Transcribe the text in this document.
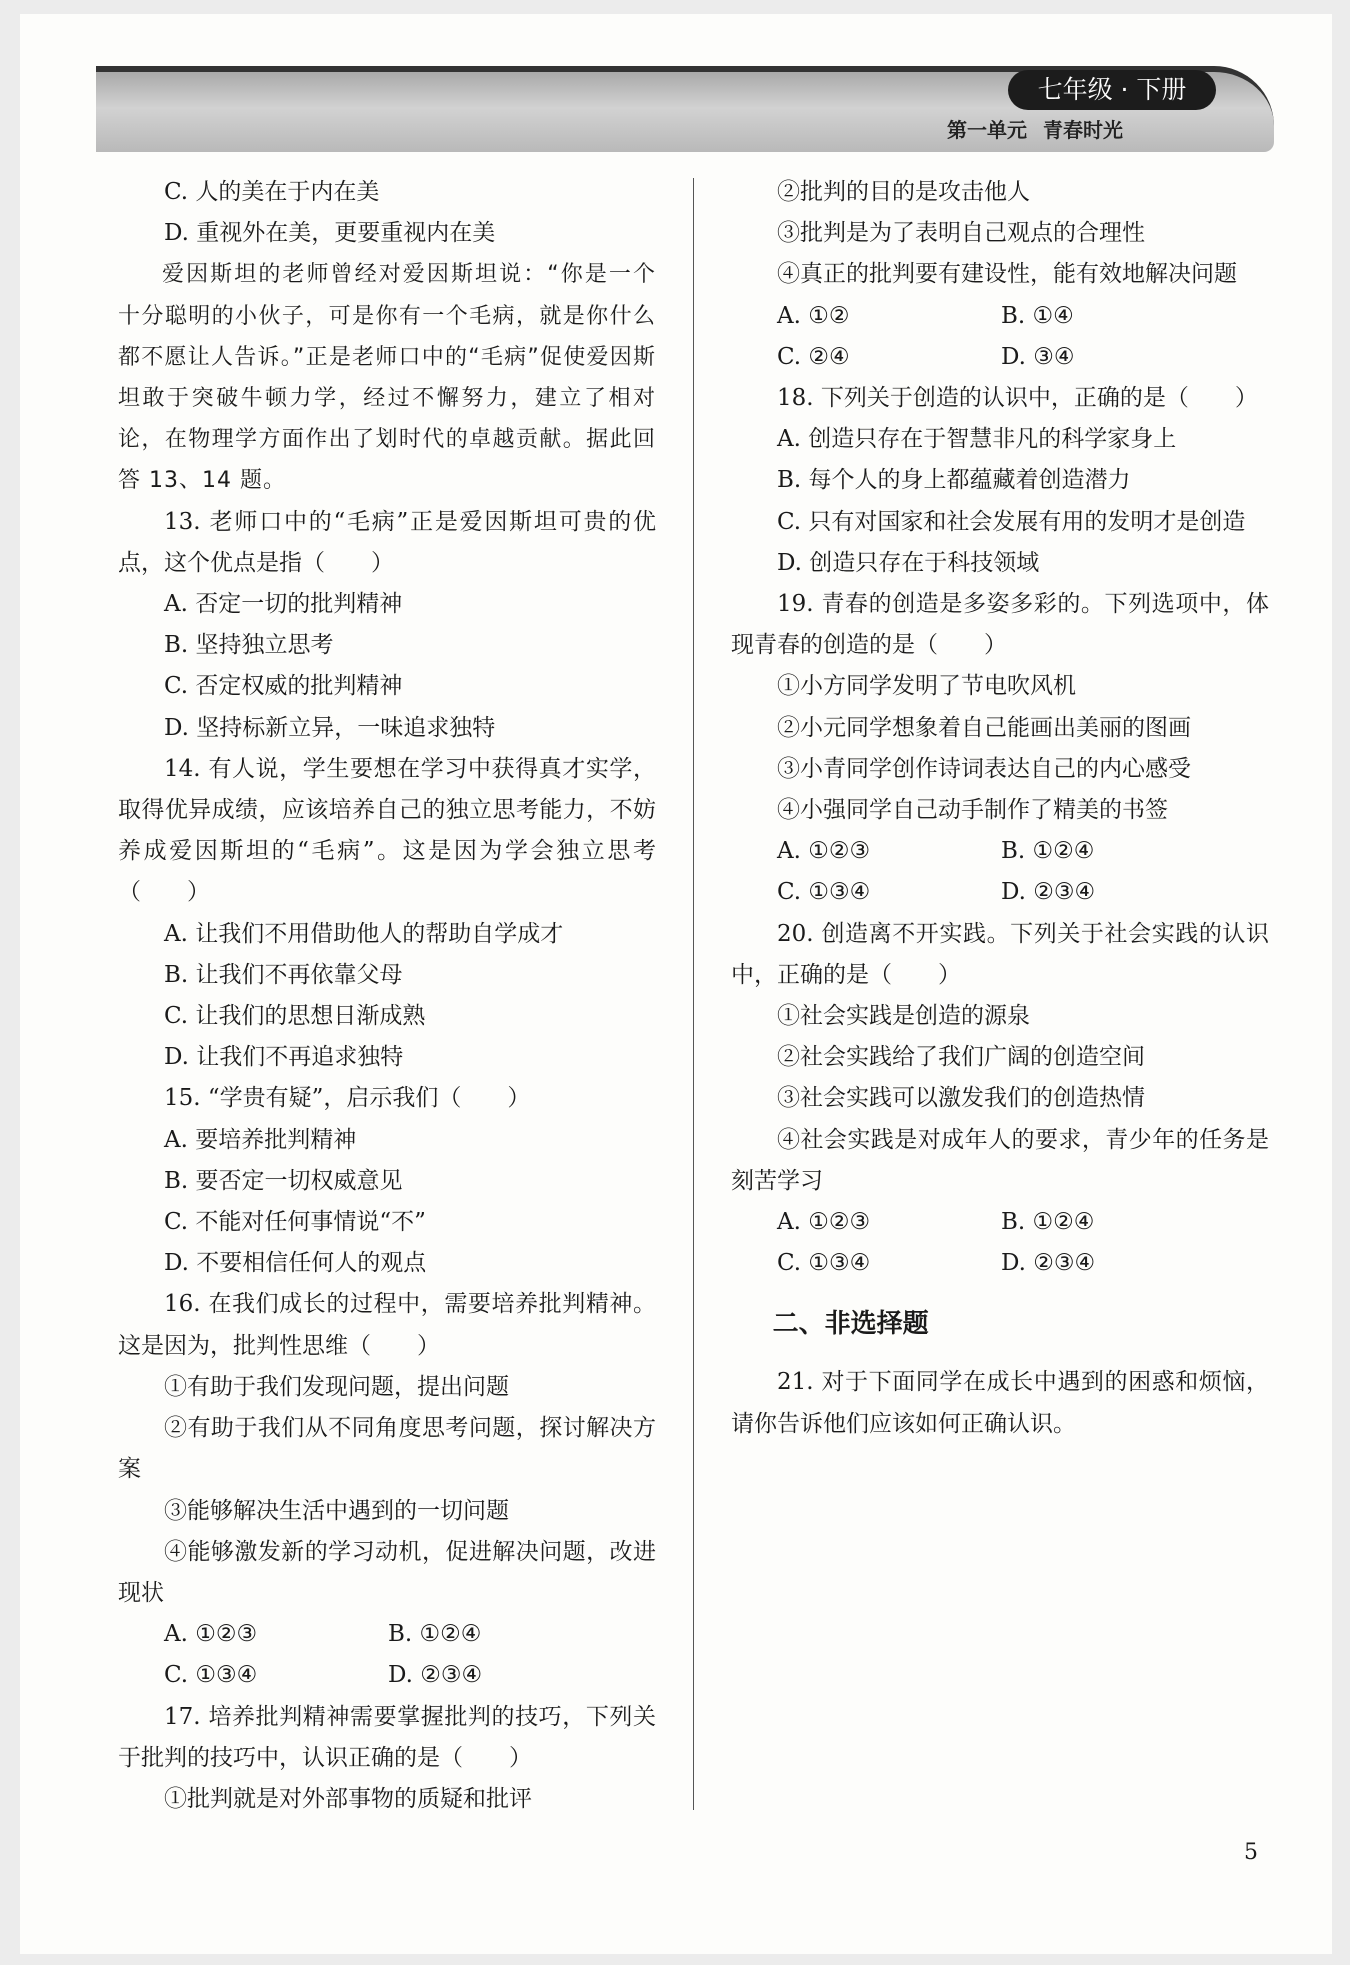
七年级 · 下册
第一单元 青春时光
C. 人的美在于内在美
D. 重视外在美，更要重视内在美
爱因斯坦的老师曾经对爱因斯坦说：“你是一个十分聪明的小伙子，可是你有一个毛病，就是你什么都不愿让人告诉。”正是老师口中的“毛病”促使爱因斯坦敢于突破牛顿力学，经过不懈努力，建立了相对论，在物理学方面作出了划时代的卓越贡献。据此回答 13、14 题。
13. 老师口中的“毛病”正是爱因斯坦可贵的优点，这个优点是指（　　）
A. 否定一切的批判精神
B. 坚持独立思考
C. 否定权威的批判精神
D. 坚持标新立异，一味追求独特
14. 有人说，学生要想在学习中获得真才实学，取得优异成绩，应该培养自己的独立思考能力，不妨养成爱因斯坦的“毛病”。这是因为学会独立思考（　　）
A. 让我们不用借助他人的帮助自学成才
B. 让我们不再依靠父母
C. 让我们的思想日渐成熟
D. 让我们不再追求独特
15. “学贵有疑”，启示我们（　　）
A. 要培养批判精神
B. 要否定一切权威意见
C. 不能对任何事情说“不”
D. 不要相信任何人的观点
16. 在我们成长的过程中，需要培养批判精神。这是因为，批判性思维（　　）
①有助于我们发现问题，提出问题
②有助于我们从不同角度思考问题，探讨解决方案
③能够解决生活中遇到的一切问题
④能够激发新的学习动机，促进解决问题，改进现状
A. ①②③	B. ①②④
C. ①③④	D. ②③④
17. 培养批判精神需要掌握批判的技巧，下列关于批判的技巧中，认识正确的是（　　）
①批判就是对外部事物的质疑和批评
②批判的目的是攻击他人
③批判是为了表明自己观点的合理性
④真正的批判要有建设性，能有效地解决问题
A. ①②	B. ①④
C. ②④	D. ③④
18. 下列关于创造的认识中，正确的是（　　）
A. 创造只存在于智慧非凡的科学家身上
B. 每个人的身上都蕴藏着创造潜力
C. 只有对国家和社会发展有用的发明才是创造
D. 创造只存在于科技领域
19. 青春的创造是多姿多彩的。下列选项中，体现青春的创造的是（　　）
①小方同学发明了节电吹风机
②小元同学想象着自己能画出美丽的图画
③小青同学创作诗词表达自己的内心感受
④小强同学自己动手制作了精美的书签
A. ①②③	B. ①②④
C. ①③④	D. ②③④
20. 创造离不开实践。下列关于社会实践的认识中，正确的是（　　）
①社会实践是创造的源泉
②社会实践给了我们广阔的创造空间
③社会实践可以激发我们的创造热情
④社会实践是对成年人的要求，青少年的任务是刻苦学习
A. ①②③	B. ①②④
C. ①③④	D. ②③④
二、非选择题
21. 对于下面同学在成长中遇到的困惑和烦恼，请你告诉他们应该如何正确认识。
5
